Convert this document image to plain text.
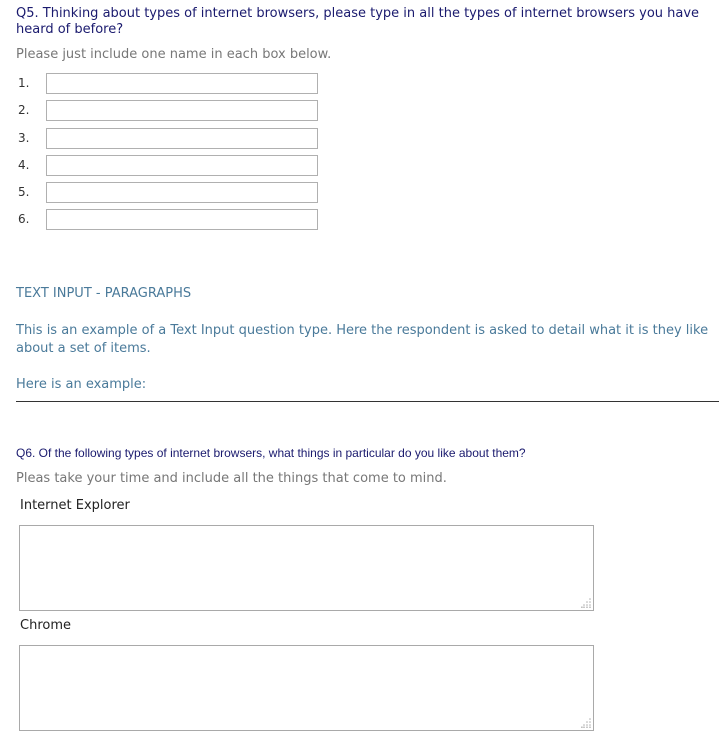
Q5. Thinking about types of internet browsers, please type in all the types of internet browsers you have heard of before?
Please just include one name in each box below.
1.
2.
3.
4.
5.
6.
TEXT INPUT - PARAGRAPHS

This is an example of a Text Input question type. Here the respondent is asked to detail what it is they like about a set of items.

Here is an example:
Q6. Of the following types of internet browsers, what things in particular do you like about them?
Pleas take your time and include all the things that come to mind.
Internet Explorer
Chrome
